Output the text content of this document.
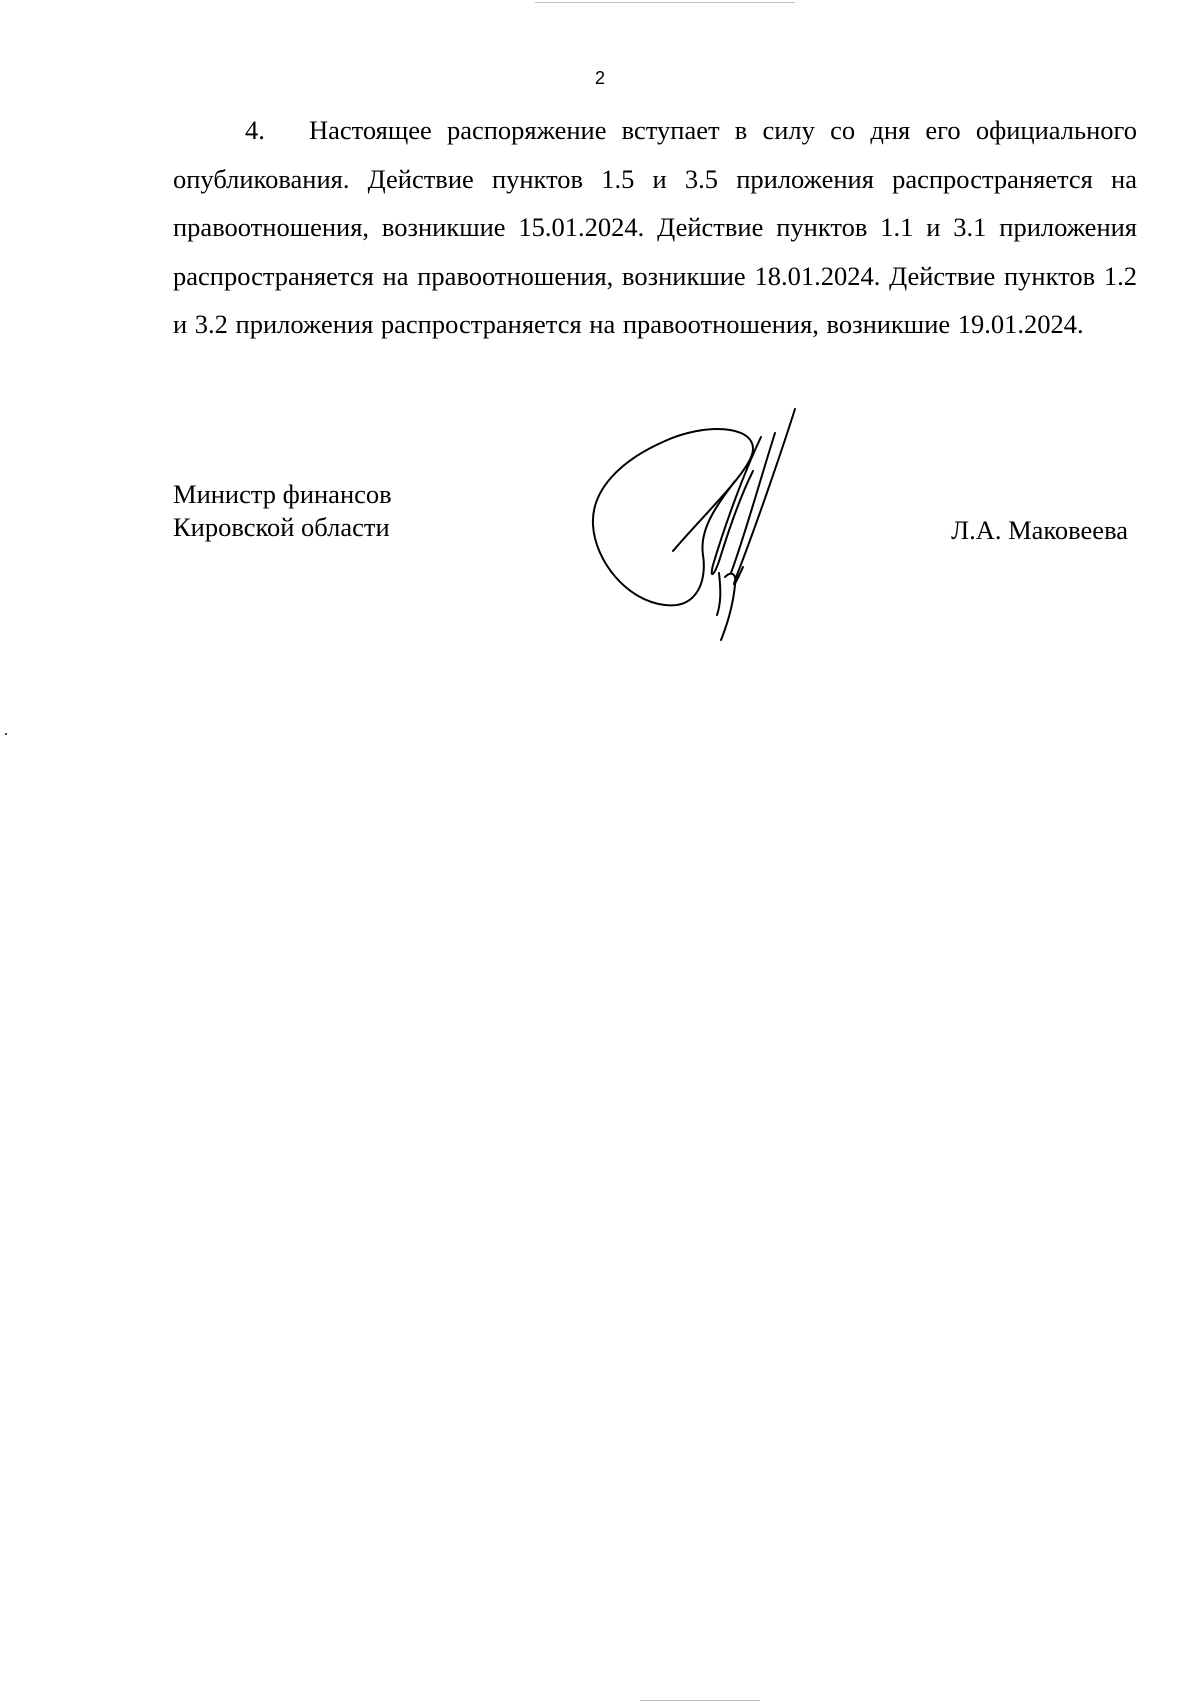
2
4. Настоящее распоряжение вступает в силу со дня его официального опубликования. Действие пунктов 1.5 и 3.5 приложения распространяется на правоотношения, возникшие 15.01.2024. Действие пунктов 1.1 и 3.1 приложения распространяется на правоотношения, возникшие 18.01.2024. Действие пунктов 1.2 и 3.2 приложения распространяется на правоотношения, возникшие 19.01.2024.
Министр финансов
Кировской области	Л.А. Маковеева
